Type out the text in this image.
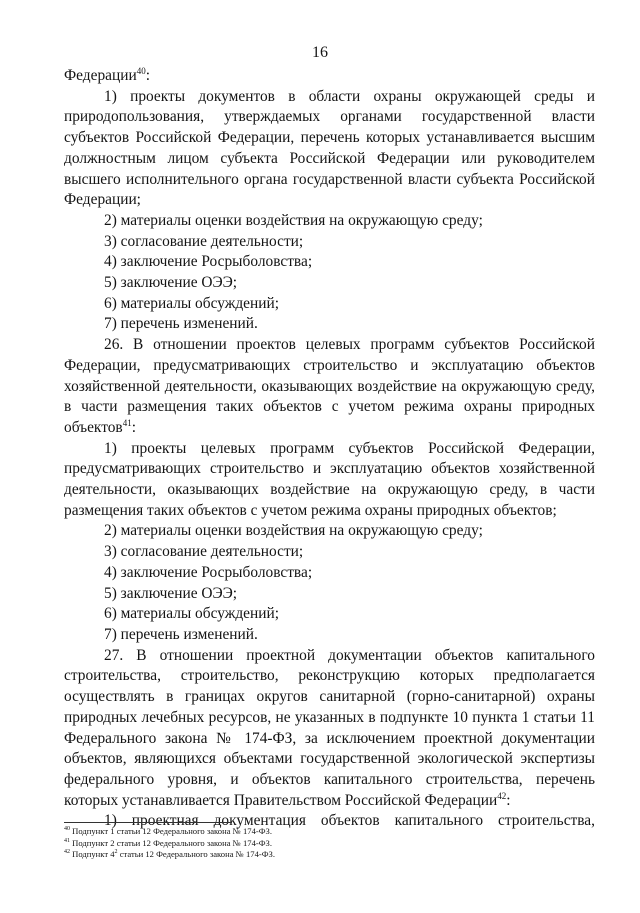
16

Федерации$^{40}$:

1) проекты документов в области охраны окружающей среды и природопользования, утверждаемых органами государственной власти субъектов Российской Федерации, перечень которых устанавливается высшим должностным лицом субъекта Российской Федерации или руководителем высшего исполнительного органа государственной власти субъекта Российской Федерации;

2) материалы оценки воздействия на окружающую среду;

3) согласование деятельности;

4) заключение Росрыболовства;

5) заключение ОЭЭ;

6) материалы обсуждений;

7) перечень изменений.

26. В отношении проектов целевых программ субъектов Российской Федерации, предусматривающих строительство и эксплуатацию объектов хозяйственной деятельности, оказывающих воздействие на окружающую среду, в части размещения таких объектов с учетом режима охраны природных объектов$^{41}$:

1) проекты целевых программ субъектов Российской Федерации, предусматривающих строительство и эксплуатацию объектов хозяйственной деятельности, оказывающих воздействие на окружающую среду, в части размещения таких объектов с учетом режима охраны природных объектов;

2) материалы оценки воздействия на окружающую среду;

3) согласование деятельности;

4) заключение Росрыболовства;

5) заключение ОЭЭ;

6) материалы обсуждений;

7) перечень изменений.

27. В отношении проектной документации объектов капитального строительства, строительство, реконструкцию которых предполагается осуществлять в границах округов санитарной (горно-санитарной) охраны природных лечебных ресурсов, не указанных в подпункте 10 пункта 1 статьи 11 Федерального закона № 174-ФЗ, за исключением проектной документации объектов, являющихся объектами государственной экологической экспертизы федерального уровня, и объектов капитального строительства, перечень которых устанавливается Правительством Российской Федерации$^{42}$:

1) проектная документация объектов капитального строительства,

$^{40}$ Подпункт 1 статьи 12 Федерального закона № 174-ФЗ.
$^{41}$ Подпункт 2 статьи 12 Федерального закона № 174-ФЗ.
$^{42}$ Подпункт $4^2$ статьи 12 Федерального закона № 174-ФЗ.
